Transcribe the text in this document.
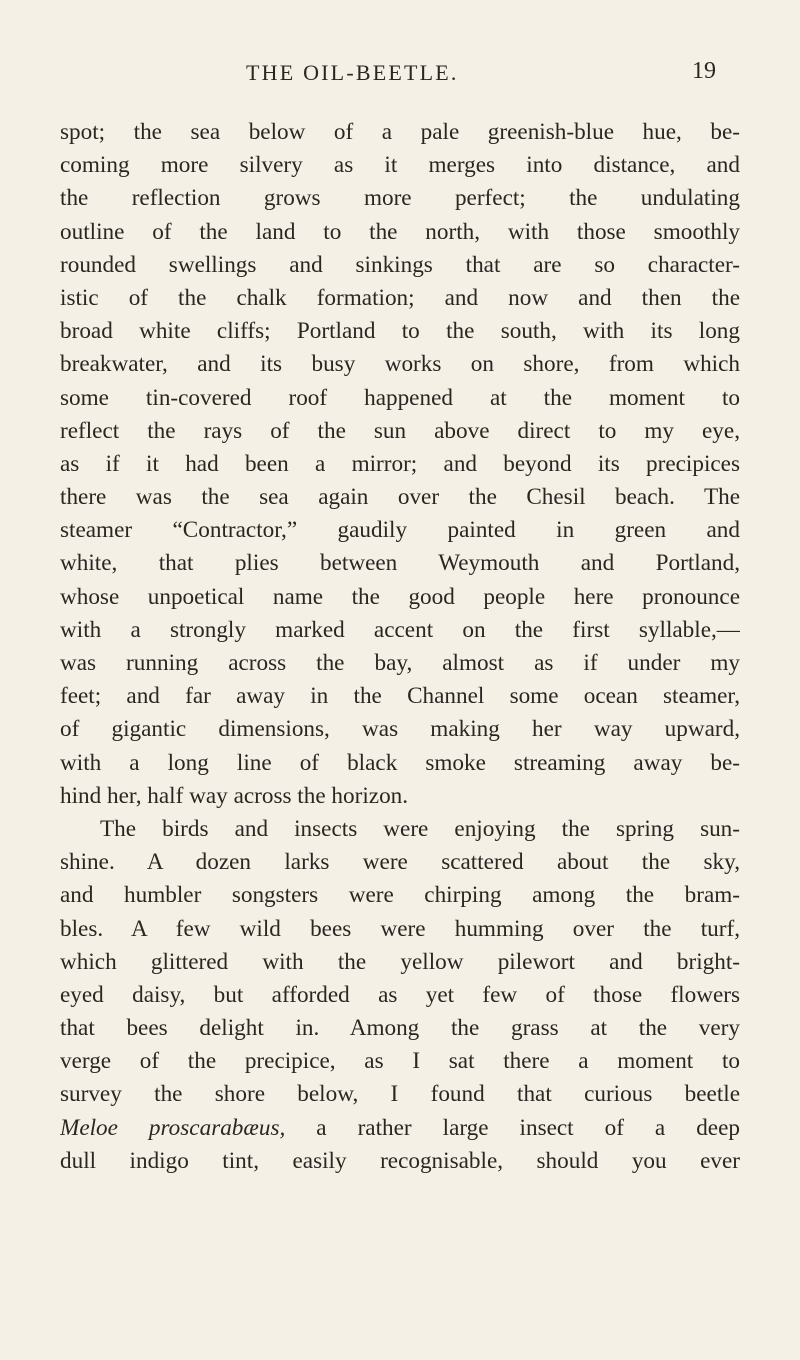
THE OIL-BEETLE.	19
spot; the sea below of a pale greenish-blue hue, be-
coming more silvery as it merges into distance, and
the reflection grows more perfect; the undulating
outline of the land to the north, with those smoothly
rounded swellings and sinkings that are so character-
istic of the chalk formation; and now and then the
broad white cliffs; Portland to the south, with its long
breakwater, and its busy works on shore, from which
some tin-covered roof happened at the moment to
reflect the rays of the sun above direct to my eye,
as if it had been a mirror; and beyond its precipices
there was the sea again over the Chesil beach. The
steamer “Contractor,” gaudily painted in green and
white, that plies between Weymouth and Portland,
whose unpoetical name the good people here pronounce
with a strongly marked accent on the first syllable,—
was running across the bay, almost as if under my
feet; and far away in the Channel some ocean steamer,
of gigantic dimensions, was making her way upward,
with a long line of black smoke streaming away be-
hind her, half way across the horizon.
The birds and insects were enjoying the spring sun-
shine. A dozen larks were scattered about the sky,
and humbler songsters were chirping among the bram-
bles. A few wild bees were humming over the turf,
which glittered with the yellow pilewort and bright-
eyed daisy, but afforded as yet few of those flowers
that bees delight in. Among the grass at the very
verge of the precipice, as I sat there a moment to
survey the shore below, I found that curious beetle
Meloe proscarabæus, a rather large insect of a deep
dull indigo tint, easily recognisable, should you ever
